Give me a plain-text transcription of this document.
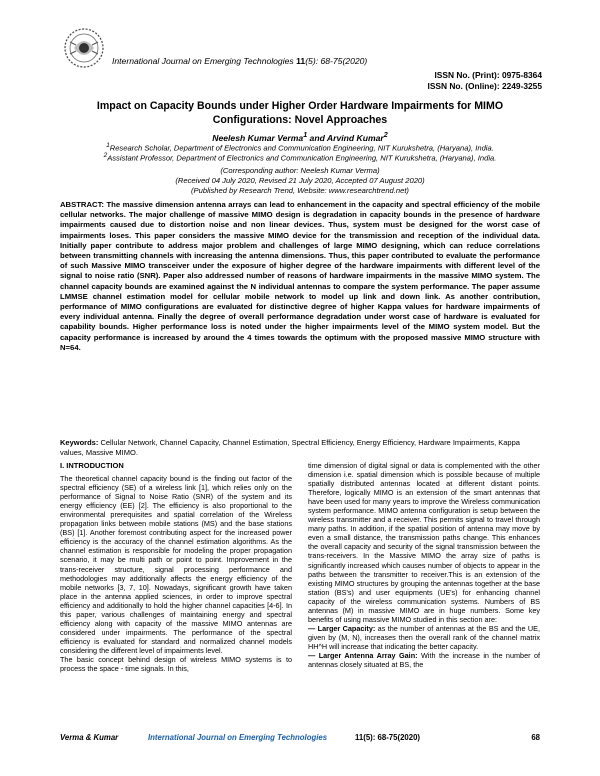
International Journal on Emerging Technologies 11(5): 68-75(2020)
ISSN No. (Print): 0975-8364
ISSN No. (Online): 2249-3255
Impact on Capacity Bounds under Higher Order Hardware Impairments for MIMO
Configurations: Novel Approaches
Neelesh Kumar Verma$^1$ and Arvind Kumar$^2$
$^1$Research Scholar, Department of Electronics and Communication Engineering, NIT Kurukshetra, (Haryana), India.
$^2$Assistant Professor, Department of Electronics and Communication Engineering, NIT Kurukshetra, (Haryana), India.
(Corresponding author: Neelesh Kumar Verma)
(Received 04 July 2020, Revised 21 July 2020, Accepted 07 August 2020)
(Published by Research Trend, Website: www.researchtrend.net)
ABSTRACT: The massive dimension antenna arrays can lead to enhancement in the capacity and spectral efficiency of the mobile cellular networks. The major challenge of massive MIMO design is degradation in capacity bounds in the presence of hardware impairments caused due to distortion noise and non linear devices. Thus, system must be designed for the worst case of impairments loses. This paper considers the massive MIMO device for the transmission and reception of the individual data. Initially paper contribute to address major problem and challenges of large MIMO designing, which can reduce correlations between transmitting channels with increasing the antenna dimensions. Thus, this paper contributed to evaluate the performance of such Massive MIMO transceiver under the exposure of higher degree of the hardware impairments with different level of the signal to noise ratio (SNR). Paper also addressed number of reasons of hardware impairments in the massive MIMO system. The channel capacity bounds are examined against the N individual antennas to compare the system performance. The paper assume LMMSE channel estimation model for cellular mobile network to model up link and down link. As another contribution, performance of MIMO configurations are evaluated for distinctive degree of higher Kappa values for hardware impairments of every individual antenna. Finally the degree of overall performance degradation under worst case of hardware is evaluated for capability bounds. Higher performance loss is noted under the higher impairments level of the MIMO system model. But the capacity performance is increased by around the 4 times towards the optimum with the proposed massive MIMO structure with N=64.
Keywords: Cellular Network, Channel Capacity, Channel Estimation, Spectral Efficiency, Energy Efficiency, Hardware Impairments, Kappa values, Massive MIMO.
I. INTRODUCTION

The theoretical channel capacity bound is the finding out factor of the spectral efficiency (SE) of a wireless link [1], which relies only on the performance of Signal to Noise Ratio (SNR) of the system and its energy efficiency (EE) [2]. The efficiency is also proportional to the environmental prerequisites and spatial correlation of the Wireless propagation links between mobile stations (MS) and the base stations (BS) [1]. Another foremost contributing aspect for the increased power efficiency is the accuracy of the channel estimation algorithms. As the channel estimation is responsible for modeling the proper propagation scenario, it may be multi path or point to point. Improvement in the trans-receiver structure, signal processing performance and methodologies may additionally affects the energy efficiency of the mobile networks [3, 7, 10]. Nowadays, significant growth have taken place in the antenna applied sciences, in order to improve spectral efficiency and additionally to hold the higher channel capacities [4-6]. In this paper, various challenges of maintaining energy and spectral efficiency along with capacity of the massive MIMO antennas are considered under impairments. The performance of the spectral efficiency is evaluated for standard and normalized channel models considering the different level of impairments level.

The basic concept behind design of wireless MIMO systems is to process the space - time signals. In this,

time dimension of digital signal or data is complemented with the other dimension i.e. spatial dimension which is possible because of multiple spatially distributed antennas located at different distant points. Therefore, logically MIMO is an extension of the smart antennas that have been used for many years to improve the Wireless communication system performance. MIMO antenna configuration is setup between the wireless transmitter and a receiver. This permits signal to travel through many paths. In addition, if the spatial position of antenna may move by even a small distance, the transmission paths change. This enhances the overall capacity and security of the signal transmission between the trans-receivers. In the Massive MIMO the array size of paths is significantly increased which causes number of objects to appear in the paths between the transmitter to receiver.This is an extension of the existing MIMO structures by grouping the antennas together at the base station (BS's) and user equipments (UE's) for enhancing channel capacity of the wireless communication systems. Numbers of BS antennas (M) in massive MIMO are in huge numbers. Some key benefits of using massive MIMO studied in this section are:

— Larger Capacity: as the number of antennas at the BS and the UE, given by (M, N), increases then the overall rank of the channel matrix HH^H will increase that indicating the better capacity.

— Larger Antenna Array Gain: With the increase in the number of antennas closely situated at BS, the

Verma & Kumar	International Journal on Emerging Technologies	11(5): 68-75(2020)	68
